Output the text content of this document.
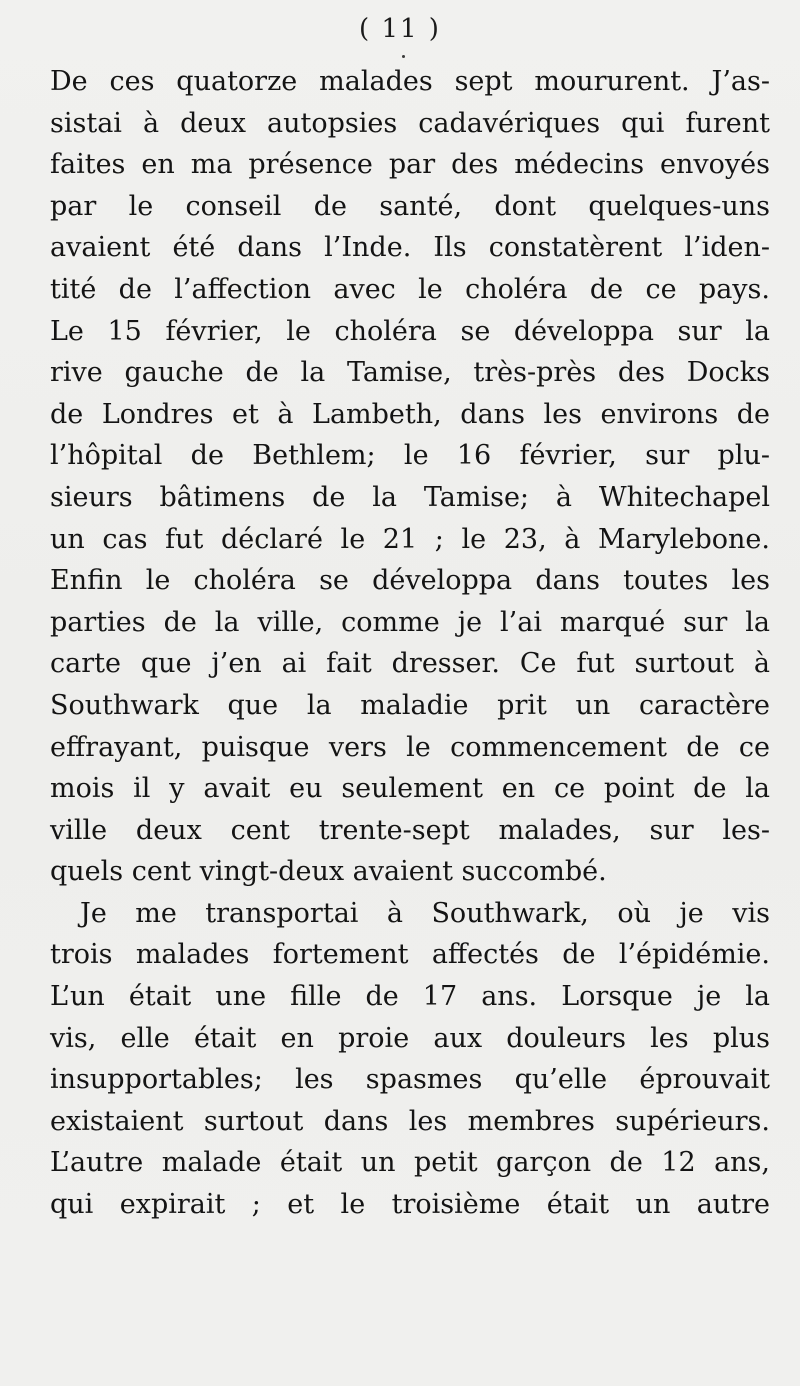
( 11 )
De ces quatorze malades sept moururent. J’as-
sistai à deux autopsies cadavériques qui furent
faites en ma présence par des médecins envoyés
par le conseil de santé, dont quelques-uns
avaient été dans l’Inde. Ils constatèrent l’iden-
tité de l’affection avec le choléra de ce pays.
Le 15 février, le choléra se développa sur la
rive gauche de la Tamise, très-près des Docks
de Londres et à Lambeth, dans les environs de
l’hôpital de Bethlem; le 16 février, sur plu-
sieurs bâtimens de la Tamise; à Whitechapel
un cas fut déclaré le 21 ; le 23, à Marylebone.
Enfin le choléra se développa dans toutes les
parties de la ville, comme je l’ai marqué sur la
carte que j’en ai fait dresser. Ce fut surtout à
Southwark que la maladie prit un caractère
effrayant, puisque vers le commencement de ce
mois il y avait eu seulement en ce point de la
ville deux cent trente-sept malades, sur les-
quels cent vingt-deux avaient succombé.
Je me transportai à Southwark, où je vis
trois malades fortement affectés de l’épidémie.
L’un était une fille de 17 ans. Lorsque je la
vis, elle était en proie aux douleurs les plus
insupportables; les spasmes qu’elle éprouvait
existaient surtout dans les membres supérieurs.
L’autre malade était un petit garçon de 12 ans,
qui expirait ; et le troisième était un autre
